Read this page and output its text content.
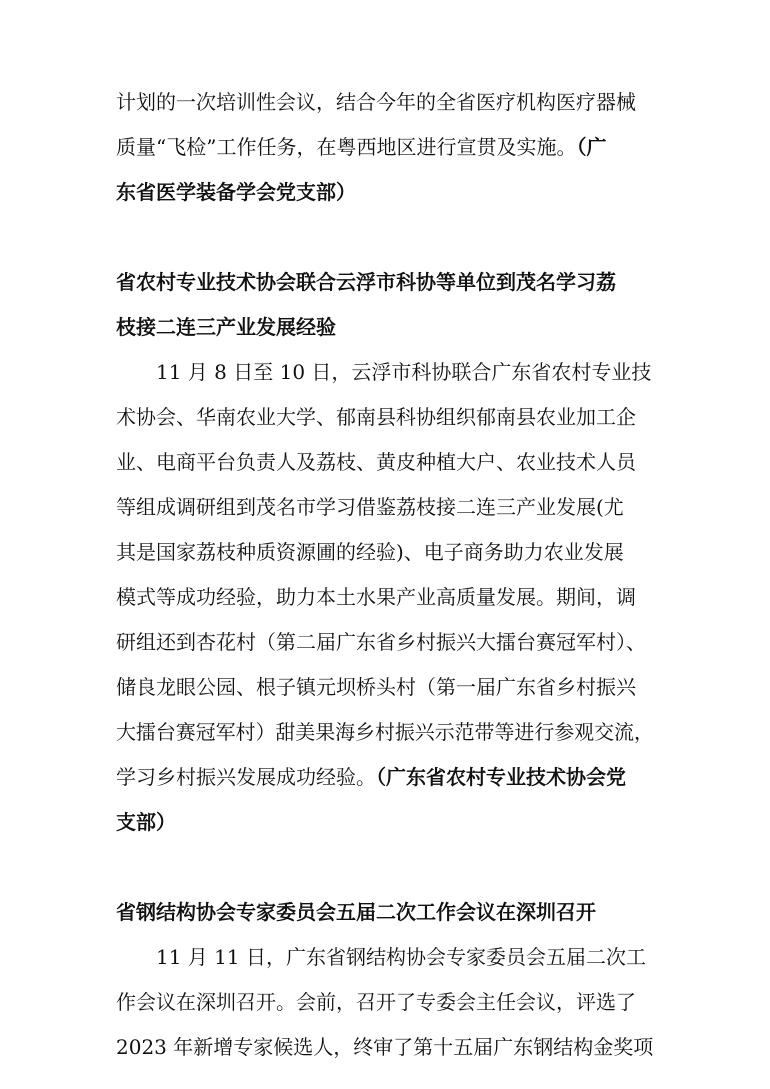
计划的一次培训性会议，结合今年的全省医疗机构医疗器械
质量“飞检”工作任务，在粤西地区进行宣贯及实施。（广
东省医学装备学会党支部）
省农村专业技术协会联合云浮市科协等单位到茂名学习荔
枝接二连三产业发展经验
11 月 8 日至 10 日，云浮市科协联合广东省农村专业技
术协会、华南农业大学、郁南县科协组织郁南县农业加工企
业、电商平台负责人及荔枝、黄皮种植大户、农业技术人员
等组成调研组到茂名市学习借鉴荔枝接二连三产业发展(尤
其是国家荔枝种质资源圃的经验)、电子商务助力农业发展
模式等成功经验，助力本土水果产业高质量发展。期间，调
研组还到杏花村（第二届广东省乡村振兴大擂台赛冠军村）、
储良龙眼公园、根子镇元坝桥头村（第一届广东省乡村振兴
大擂台赛冠军村）甜美果海乡村振兴示范带等进行参观交流，
学习乡村振兴发展成功经验。（广东省农村专业技术协会党
支部）
省钢结构协会专家委员会五届二次工作会议在深圳召开
11 月 11 日，广东省钢结构协会专家委员会五届二次工
作会议在深圳召开。会前，召开了专委会主任会议，评选了
2023 年新增专家候选人，终审了第十五届广东钢结构金奖项
